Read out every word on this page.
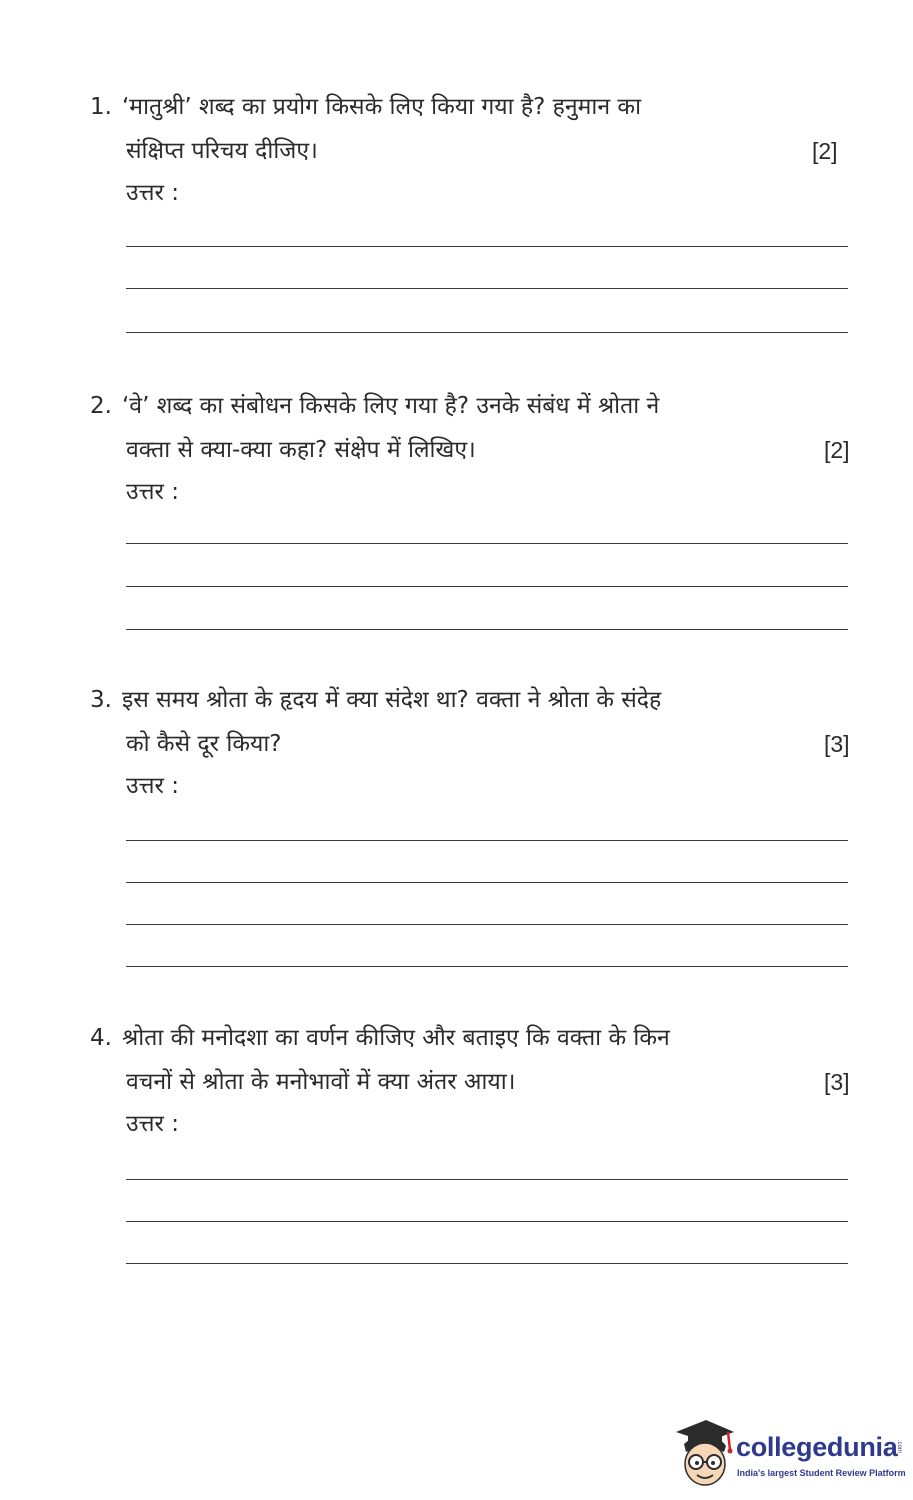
1. ‘मातुश्री’ शब्द का प्रयोग किसके लिए किया गया है? हनुमान का
संक्षिप्त परिचय दीजिए।	[2]
उत्तर :
2. ‘वे’ शब्द का संबोधन किसके लिए गया है? उनके संबंध में श्रोता ने
वक्ता से क्या-क्या कहा? संक्षेप में लिखिए।	[2]
उत्तर :
3. इस समय श्रोता के हृदय में क्या संदेश था? वक्ता ने श्रोता के संदेह
को कैसे दूर किया?	[3]
उत्तर :
4. श्रोता की मनोदशा का वर्णन कीजिए और बताइए कि वक्ता के किन
वचनों से श्रोता के मनोभावों में क्या अंतर आया।	[3]
उत्तर :
collegedunia
.com
India's largest Student Review Platform
